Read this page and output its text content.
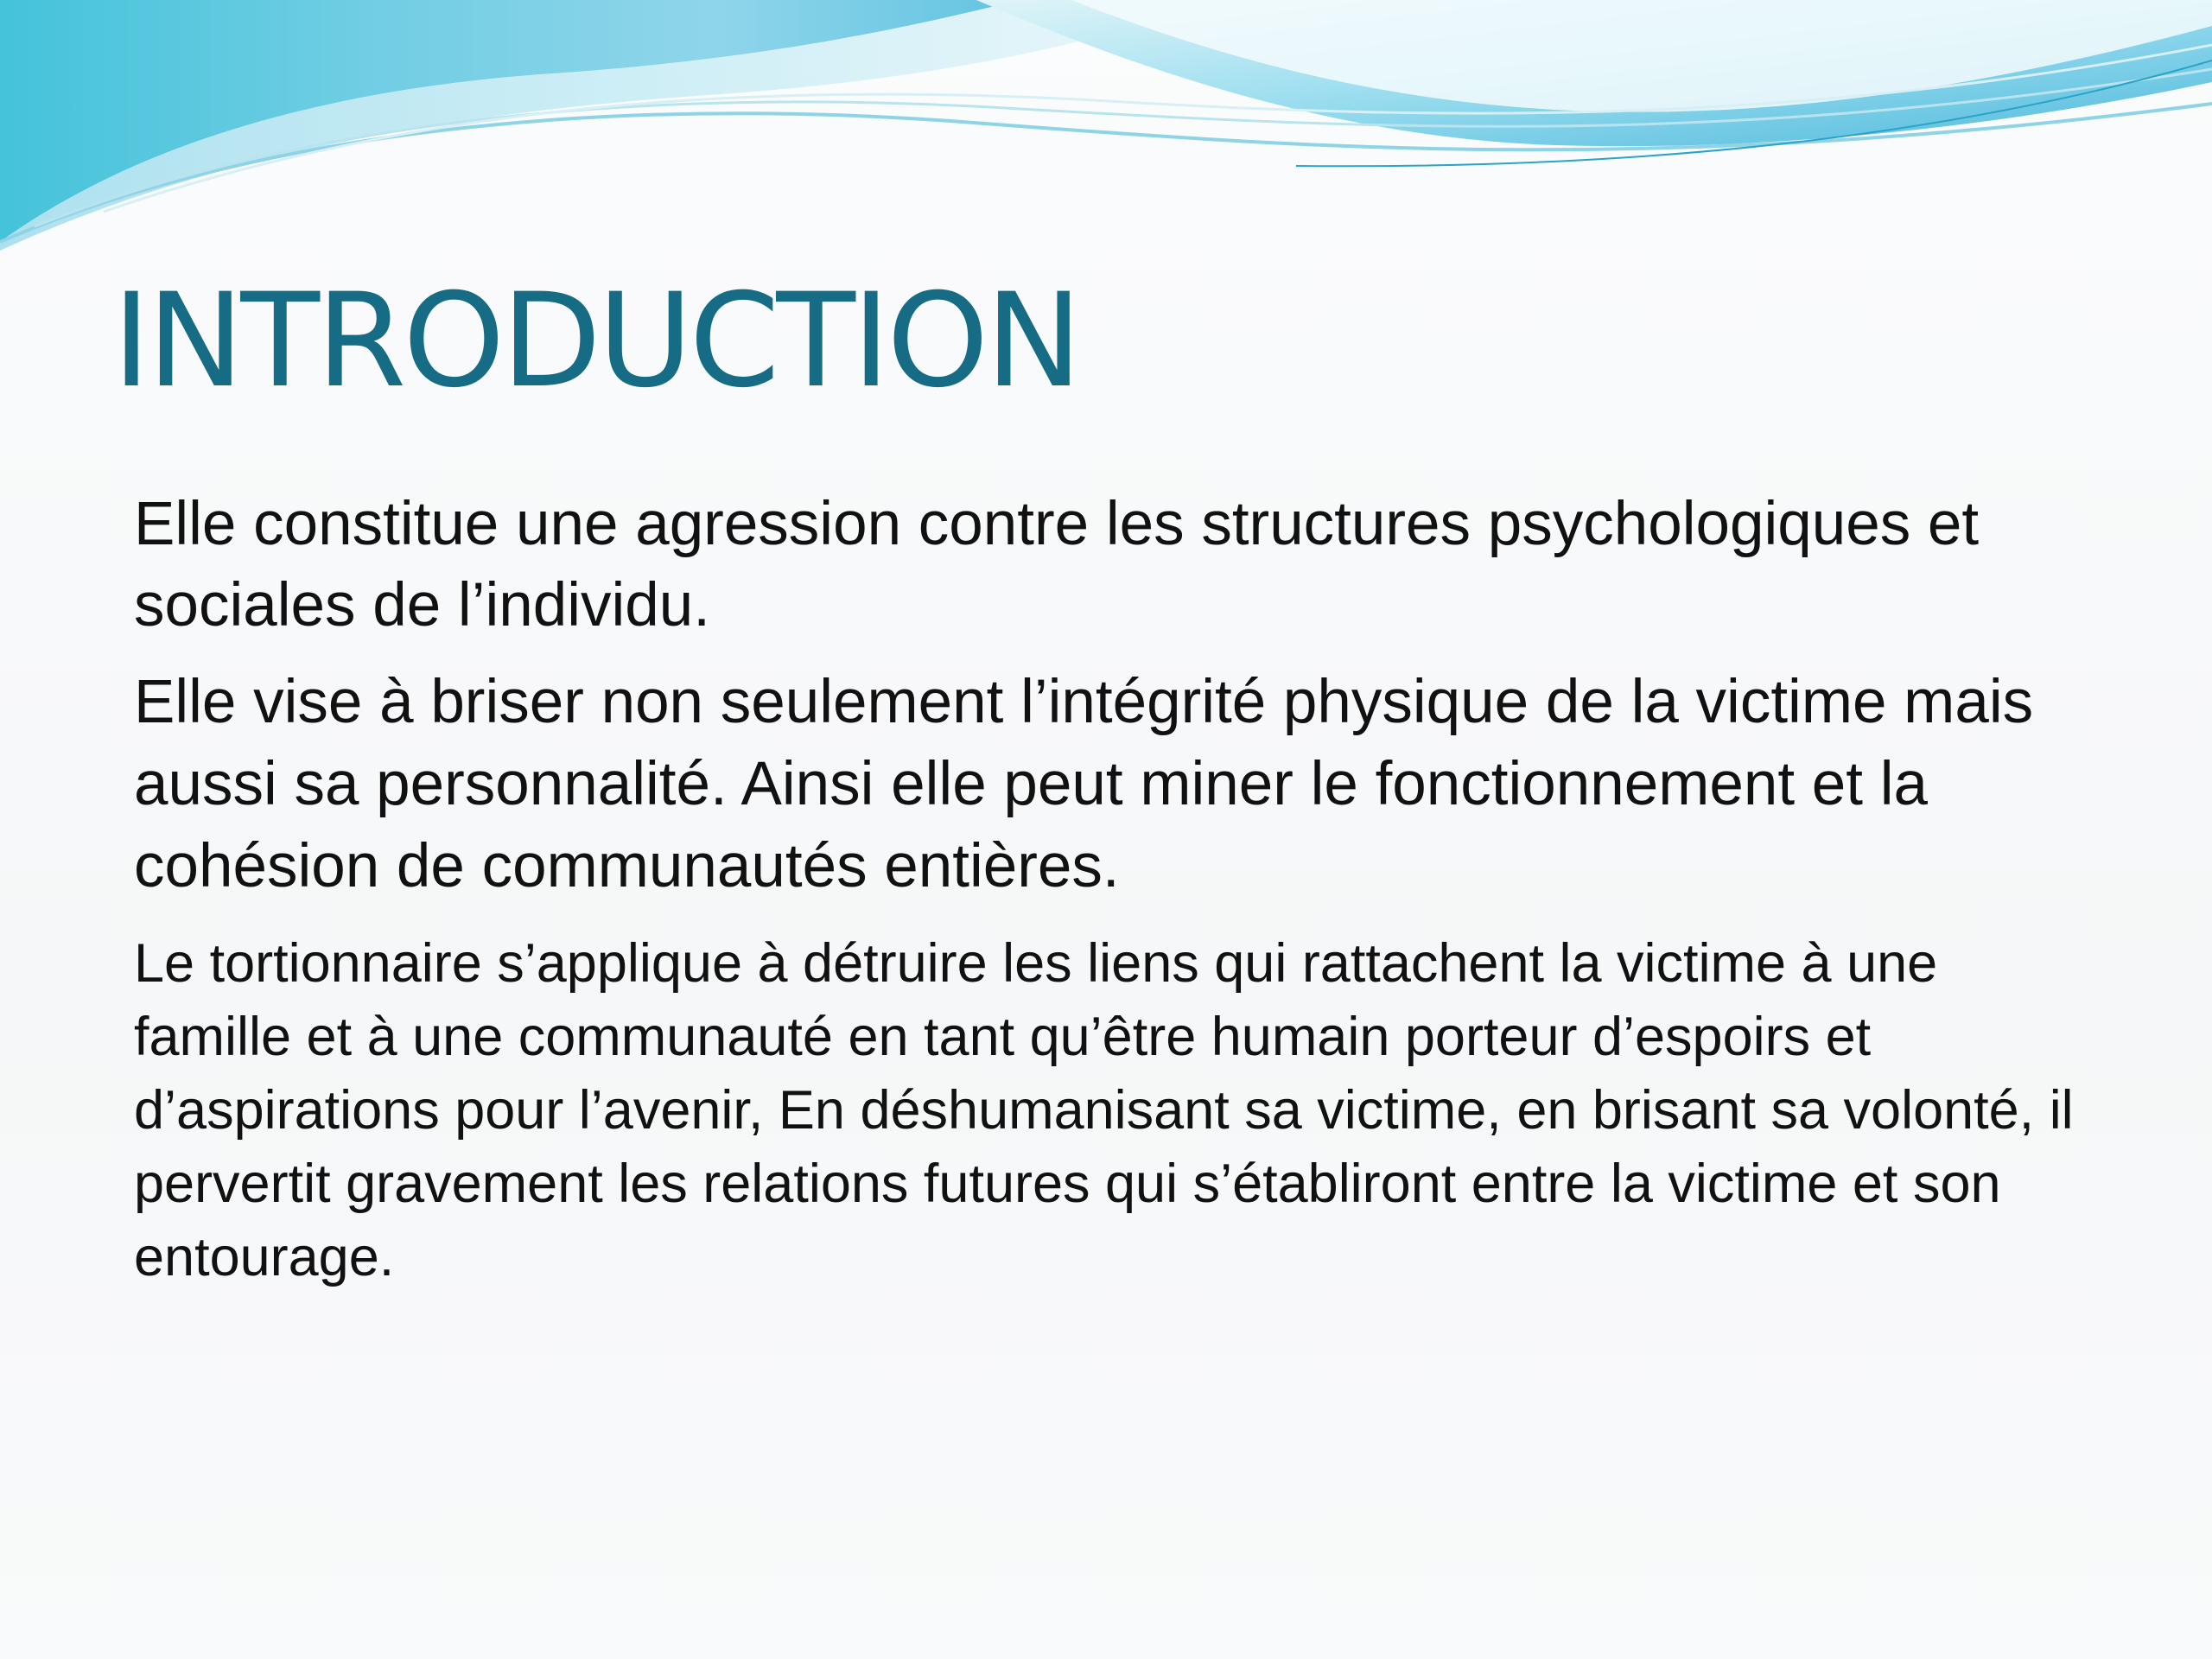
INTRODUCTION

Elle constitue une agression contre les structures psychologiques et sociales de l’individu.

Elle vise à briser non seulement l’intégrité physique de la victime mais aussi sa personnalité. Ainsi elle peut miner le fonctionnement et la cohésion de communautés entières.

Le tortionnaire s’applique à détruire les liens qui rattachent la victime à une famille et à une communauté en tant qu’être humain porteur d’espoirs et d’aspirations pour l’avenir, En déshumanisant sa victime, en brisant sa volonté, il pervertit gravement les relations futures qui s’établiront entre la victime et son entourage.
